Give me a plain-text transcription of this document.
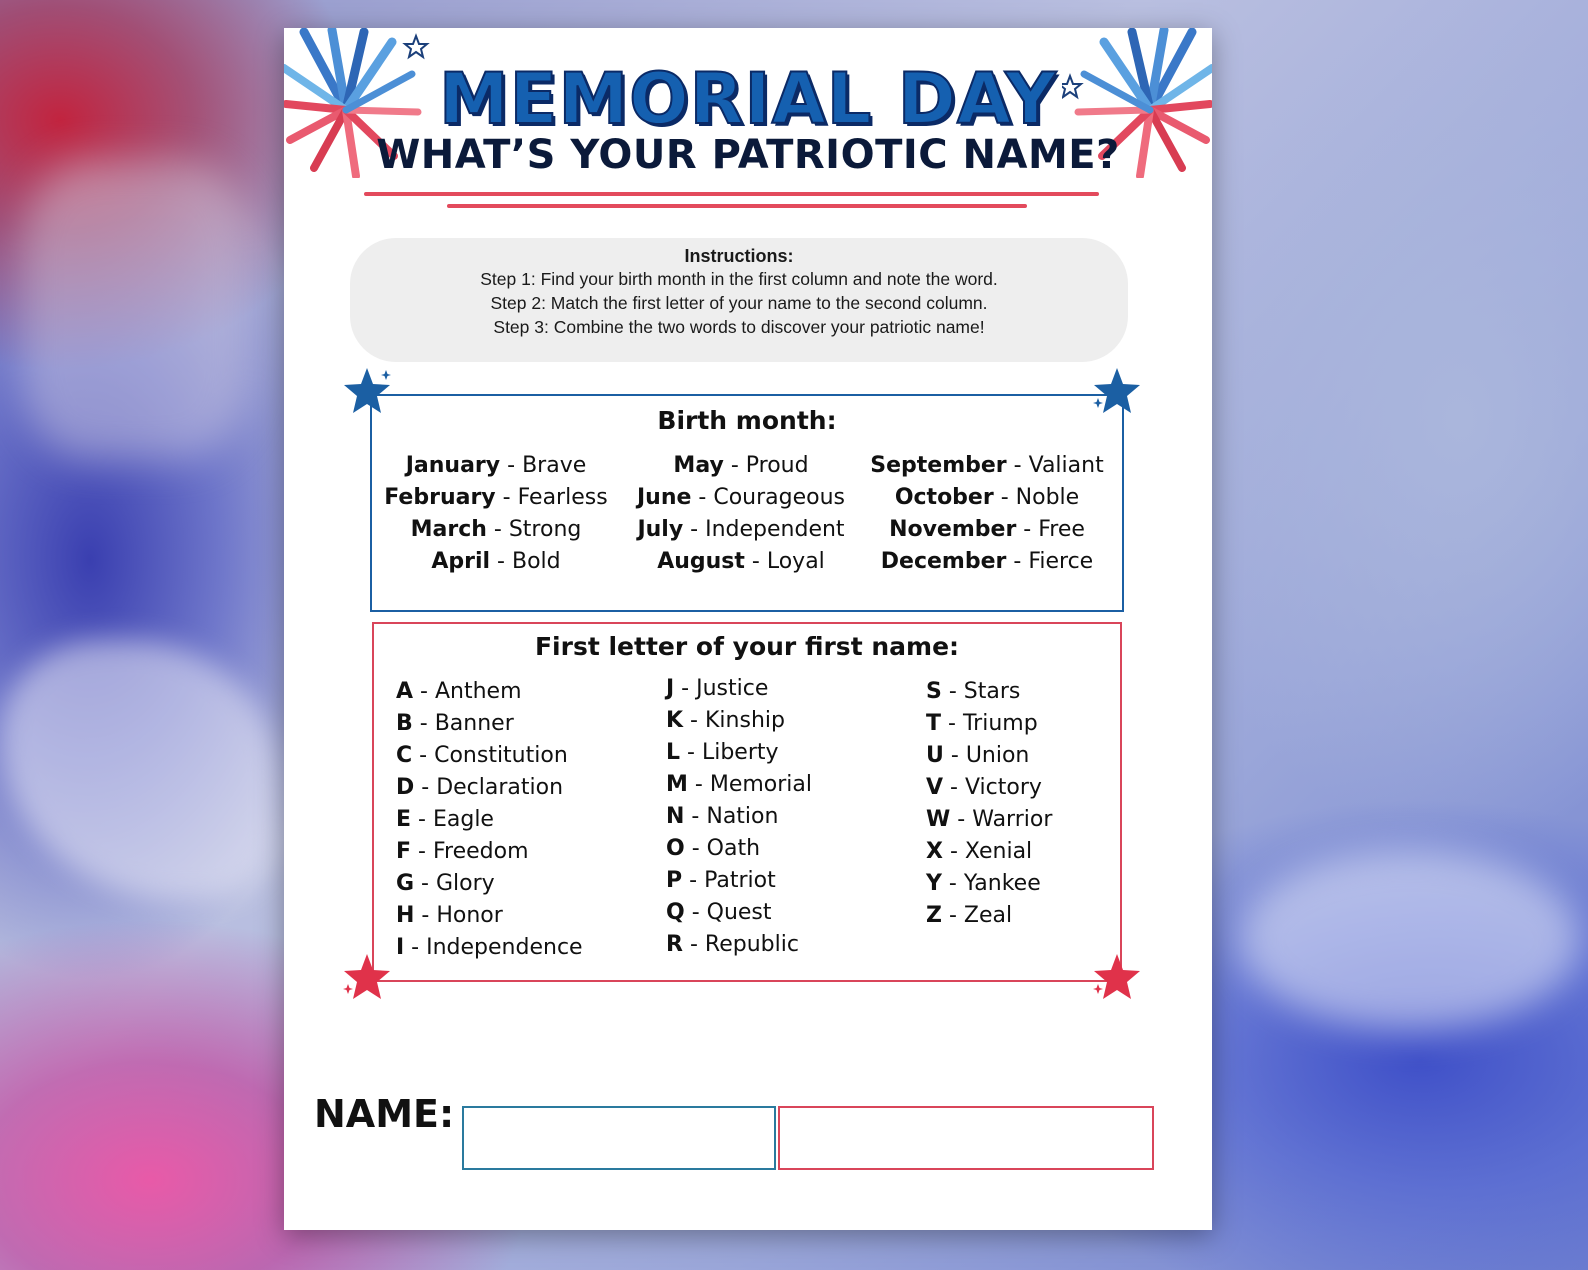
MEMORIAL DAY
WHAT’S YOUR PATRIOTIC NAME?
Instructions:
Step 1: Find your birth month in the first column and note the word.
Step 2: Match the first letter of your name to the second column.
Step 3: Combine the two words to discover your patriotic name!
Birth month:
January - Brave
February - Fearless
March - Strong
April - Bold
May - Proud
June - Courageous
July - Independent
August - Loyal
September - Valiant
October - Noble
November - Free
December - Fierce
First letter of your first name:
A - Anthem
B - Banner
C - Constitution
D - Declaration
E - Eagle
F - Freedom
G - Glory
H - Honor
I - Independence
J - Justice
K - Kinship
L - Liberty
M - Memorial
N - Nation
O - Oath
P - Patriot
Q - Quest
R - Republic
S - Stars
T - Triump
U - Union
V - Victory
W - Warrior
X - Xenial
Y - Yankee
Z - Zeal
NAME:
